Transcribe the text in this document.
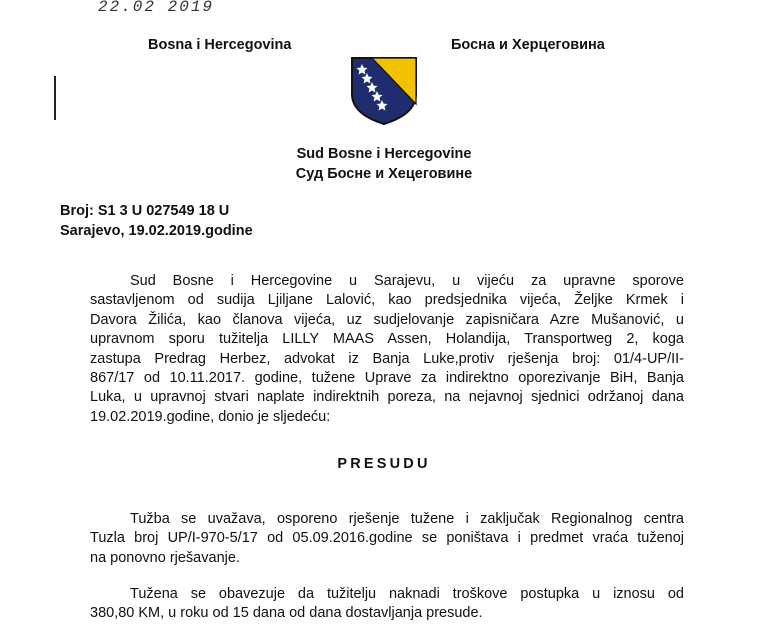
22.02 2019
Bosna i Hercegovina	Босна и Херцеговина
Sud Bosne i Hercegovine
Суд Босне и Хецеговине
Broj: S1 3 U 027549 18 U
Sarajevo, 19.02.2019.godine
Sud Bosne i Hercegovine u Sarajevu, u vijeću za upravne sporove
sastavljenom od sudija Ljiljane Lalović, kao predsjednika vijeća, Željke Krmek i
Davora Žilića, kao članova vijeća, uz sudjelovanje zapisničara Azre Mušanović, u
upravnom sporu tužitelja LILLY MAAS Assen, Holandija, Transportweg 2, koga
zastupa Predrag Herbez, advokat iz Banja Luke,protiv rješenja broj: 01/4-UP/II-
867/17 od 10.11.2017. godine, tužene Uprave za indirektno oporezivanje BiH, Banja
Luka, u upravnoj stvari naplate indirektnih poreza, na nejavnoj sjednici održanoj dana
19.02.2019.godine, donio je sljedeću:
PRESUDU
Tužba se uvažava, osporeno rješenje tužene i zaključak Regionalnog centra
Tuzla broj UP/I-970-5/17 od 05.09.2016.godine se poništava i predmet vraća tuženoj
na ponovno rješavanje.
Tužena se obavezuje da tužitelju naknadi troškove postupka u iznosu od
380,80 KM, u roku od 15 dana od dana dostavljanja presude.
